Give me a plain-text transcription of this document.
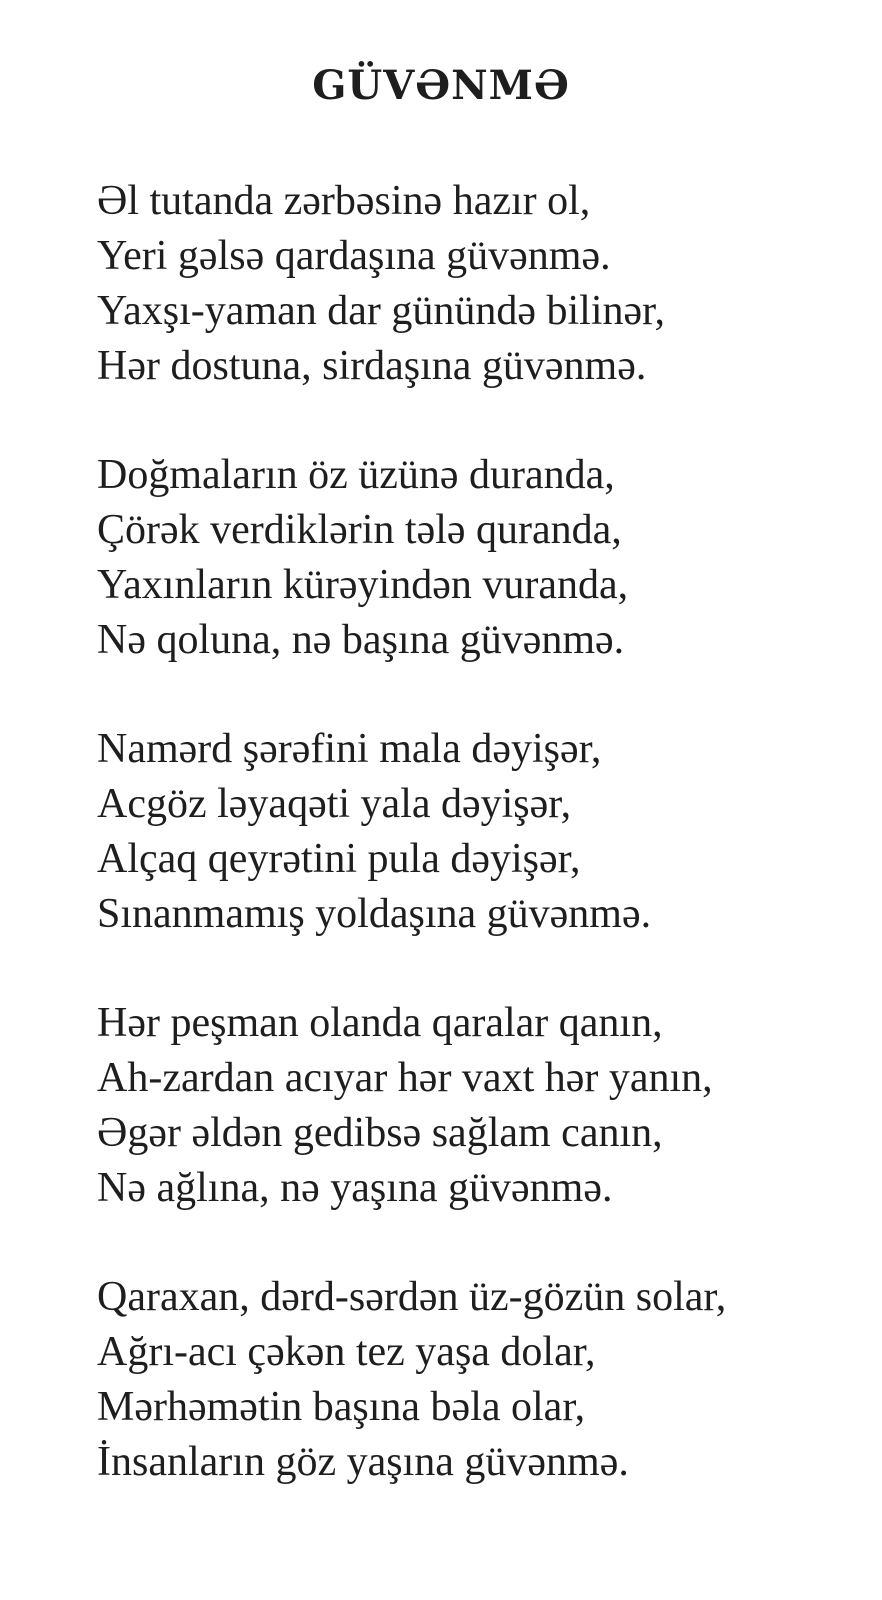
GÜVƏNMƏ
Əl tutanda zərbəsinə hazır ol,
Yeri gəlsə qardaşına güvənmə.
Yaxşı-yaman dar günündə bilinər,
Hər dostuna, sirdaşına güvənmə.
Doğmaların öz üzünə duranda,
Çörək verdiklərin tələ quranda,
Yaxınların kürəyindən vuranda,
Nə qoluna, nə başına güvənmə.
Namərd şərəfini mala dəyişər,
Acgöz ləyaqəti yala dəyişər,
Alçaq qeyrətini pula dəyişər,
Sınanmamış yoldaşına güvənmə.
Hər peşman olanda qaralar qanın,
Ah-zardan acıyar hər vaxt hər yanın,
Əgər əldən gedibsə sağlam canın,
Nə ağlına, nə yaşına güvənmə.
Qaraxan, dərd-sərdən üz-gözün solar,
Ağrı-acı çəkən tez yaşa dolar,
Mərhəmətin başına bəla olar,
İnsanların göz yaşına güvənmə.
